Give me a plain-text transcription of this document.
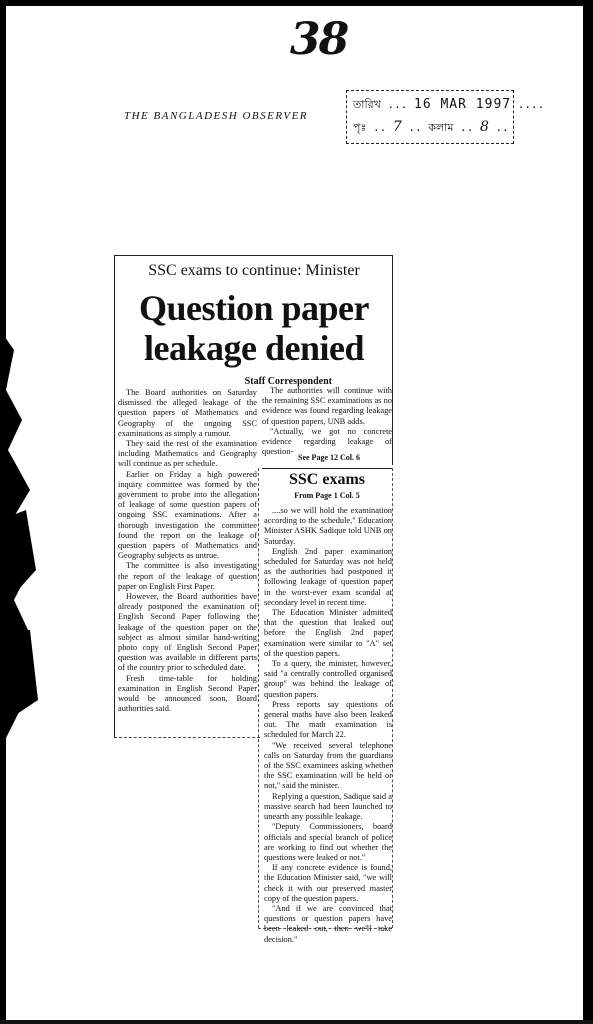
38
THE BANGLADESH OBSERVER
তারিখ ... 16 MAR 1997 ....
পৃঃ .. 7 .. কলাম .. 8 ..
SSC exams to continue: Minister
Question paper leakage denied
Staff Correspondent

The Board authorities on Saturday dismissed the alleged leakage of the question papers of Mathematics and Geography of the ongoing SSC examinations as simply a rumour.

They said the rest of the examination including Mathematics and Geography will continue as per schedule.

Earlier on Friday a high powered inquiry committee was formed by the government to probe into the allegation of leakage of some question papers of ongoing SSC examinations. After a thorough investigation the committee found the report on the leakage of question papers of Mathematics and Geography subjects as untrue.

The committee is also investigating the report of the leakage of question paper on English First Paper.

However, the Board authorities have already postponed the examination of English Second Paper following the leakage of the question paper on the subject as almost similar hand-writing photo copy of English Second Paper question was available in different parts of the country prior to scheduled date.

Fresh time-table for holding examination in English Second Paper would be announced soon, Board authorities said.

The authorities will continue with the remaining SSC examinations as no evidence was found regarding leakage of question papers, UNB adds.

"Actually, we got no concrete evidence regarding leakage of question-

See Page 12 Col. 6
SSC exams
From Page 1 Col. 5

....so we will hold the examination according to the schedule," Education Minister ASHK Sadique told UNB on Saturday.

English 2nd paper examination scheduled for Saturday was not held as the authorities had postponed it following leakage of question paper in the worst-ever exam scandal at secondary level in recent time.

The Education Minister admitted that the question that leaked out before the English 2nd paper examination were similar to "A" set of the question papers.

To a query, the minister, however, said "a centrally controlled organised group" was behind the leakage of question papers.

Press reports say questions of general maths have also been leaked out. The math examination is scheduled for March 22.

"We received several telephone calls on Saturday from the guardians of the SSC examinees asking whether the SSC examination will be held or not," said the minister.

Replying a question, Sadique said a massive search had been launched to unearth any possible leakage.

"Deputy Commissioners, board officials and special branch of police are working to find out whether the questions were leaked or not."

If any concrete evidence is found, the Education Minister said, "we will check it with our preserved master copy of the question papers.

"And if we are convinced that questions or question papers have been leaked out, then we'll take decision."
